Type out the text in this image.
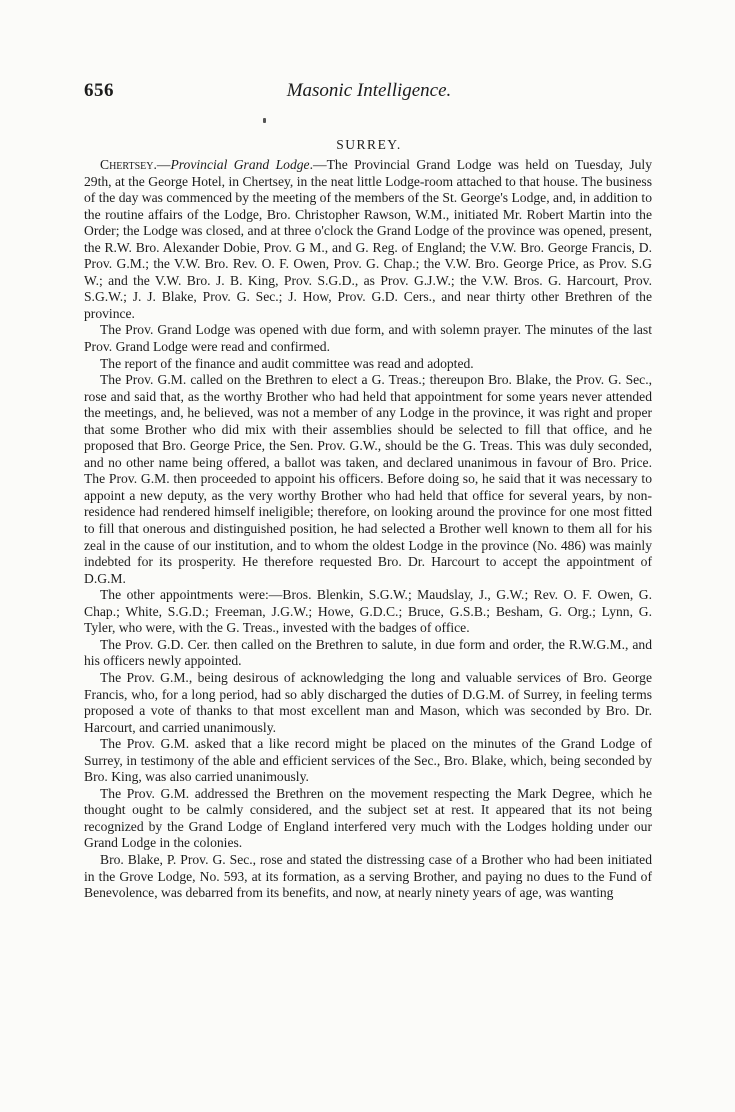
656	Masonic Intelligence.
SURREY.

Chertsey.—Provincial Grand Lodge.—The Provincial Grand Lodge was held on Tuesday, July 29th, at the George Hotel, in Chertsey, in the neat little Lodge-room attached to that house. The business of the day was commenced by the meeting of the members of the St. George's Lodge, and, in addition to the routine affairs of the Lodge, Bro. Christopher Rawson, W.M., initiated Mr. Robert Martin into the Order; the Lodge was closed, and at three o'clock the Grand Lodge of the province was opened, present, the R.W. Bro. Alexander Dobie, Prov. G M., and G. Reg. of England; the V.W. Bro. George Francis, D. Prov. G.M.; the V.W. Bro. Rev. O. F. Owen, Prov. G. Chap.; the V.W. Bro. George Price, as Prov. S.G W.; and the V.W. Bro. J. B. King, Prov. S.G.D., as Prov. G.J.W.; the V.W. Bros. G. Harcourt, Prov. S.G.W.; J. J. Blake, Prov. G. Sec.; J. How, Prov. G.D. Cers., and near thirty other Brethren of the province.

The Prov. Grand Lodge was opened with due form, and with solemn prayer. The minutes of the last Prov. Grand Lodge were read and confirmed.

The report of the finance and audit committee was read and adopted.

The Prov. G.M. called on the Brethren to elect a G. Treas.; thereupon Bro. Blake, the Prov. G. Sec., rose and said that, as the worthy Brother who had held that appointment for some years never attended the meetings, and, he believed, was not a member of any Lodge in the province, it was right and proper that some Brother who did mix with their assemblies should be selected to fill that office, and he proposed that Bro. George Price, the Sen. Prov. G.W., should be the G. Treas. This was duly seconded, and no other name being offered, a ballot was taken, and declared unanimous in favour of Bro. Price. The Prov. G.M. then proceeded to appoint his officers. Before doing so, he said that it was necessary to appoint a new deputy, as the very worthy Brother who had held that office for several years, by non-residence had rendered himself ineligible; therefore, on looking around the province for one most fitted to fill that onerous and distinguished position, he had selected a Brother well known to them all for his zeal in the cause of our institution, and to whom the oldest Lodge in the province (No. 486) was mainly indebted for its prosperity. He therefore requested Bro. Dr. Harcourt to accept the appointment of D.G.M.

The other appointments were:—Bros. Blenkin, S.G.W.; Maudslay, J., G.W.; Rev. O. F. Owen, G. Chap.; White, S.G.D.; Freeman, J.G.W.; Howe, G.D.C.; Bruce, G.S.B.; Besham, G. Org.; Lynn, G. Tyler, who were, with the G. Treas., invested with the badges of office.

The Prov. G.D. Cer. then called on the Brethren to salute, in due form and order, the R.W.G.M., and his officers newly appointed.

The Prov. G.M., being desirous of acknowledging the long and valuable services of Bro. George Francis, who, for a long period, had so ably discharged the duties of D.G.M. of Surrey, in feeling terms proposed a vote of thanks to that most excellent man and Mason, which was seconded by Bro. Dr. Harcourt, and carried unanimously.

The Prov. G.M. asked that a like record might be placed on the minutes of the Grand Lodge of Surrey, in testimony of the able and efficient services of the Sec., Bro. Blake, which, being seconded by Bro. King, was also carried unanimously.

The Prov. G.M. addressed the Brethren on the movement respecting the Mark Degree, which he thought ought to be calmly considered, and the subject set at rest. It appeared that its not being recognized by the Grand Lodge of England interfered very much with the Lodges holding under our Grand Lodge in the colonies.

Bro. Blake, P. Prov. G. Sec., rose and stated the distressing case of a Brother who had been initiated in the Grove Lodge, No. 593, at its formation, as a serving Brother, and paying no dues to the Fund of Benevolence, was debarred from its benefits, and now, at nearly ninety years of age, was wanting
